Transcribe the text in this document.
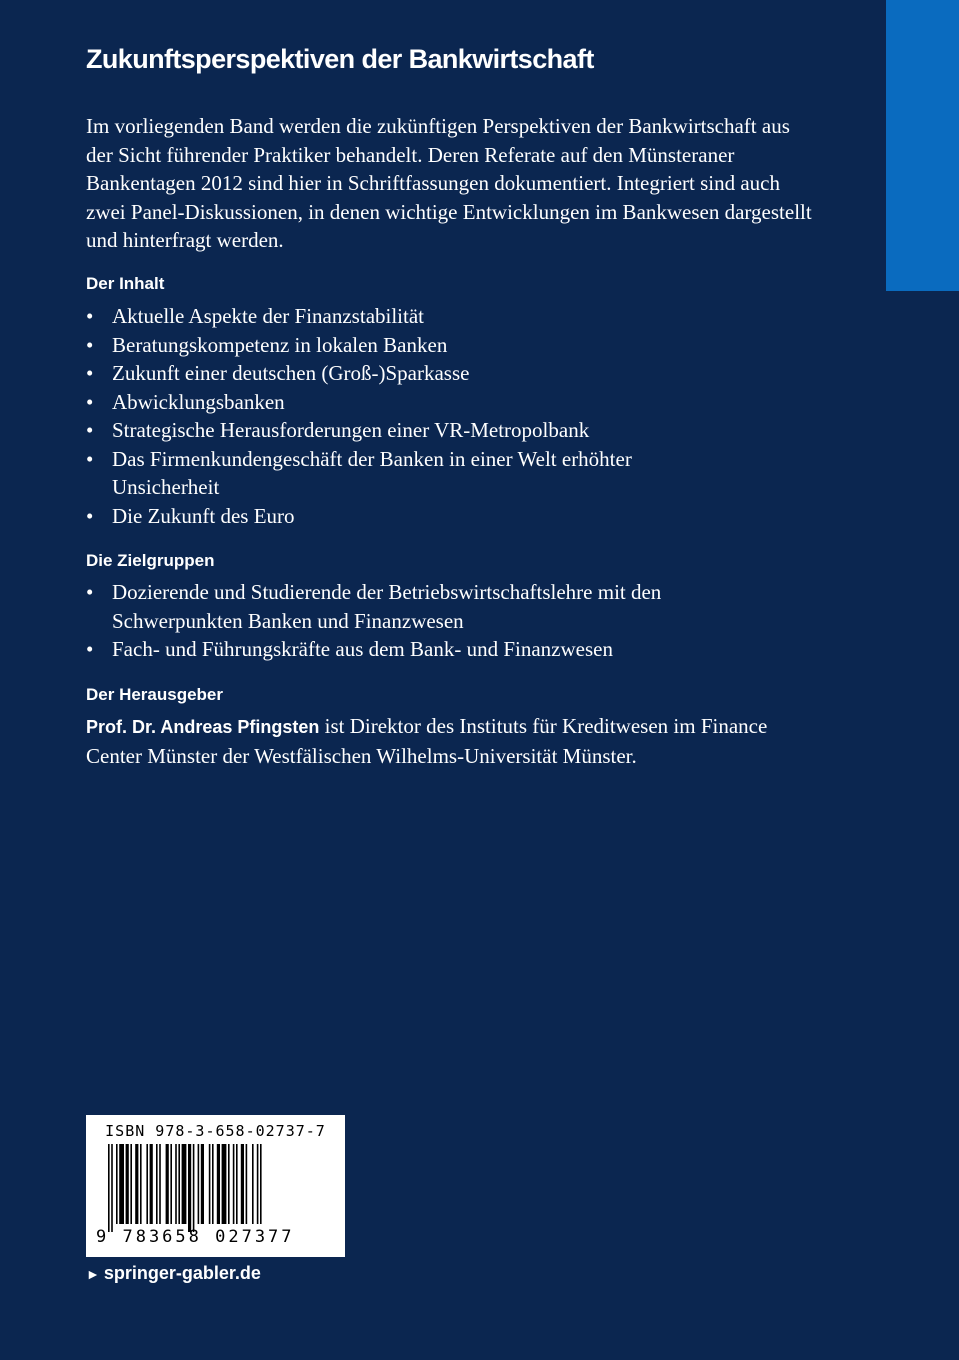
Zukunftsperspektiven der Bankwirtschaft

Im vorliegenden Band werden die zukünftigen Perspektiven der Bankwirtschaft aus der Sicht führender Praktiker behandelt. Deren Referate auf den Münsteraner Bankentagen 2012 sind hier in Schriftfassungen dokumentiert. Integriert sind auch zwei Panel-Diskussionen, in denen wichtige Entwicklungen im Bankwesen dargestellt und hinterfragt werden.

Der Inhalt
• Aktuelle Aspekte der Finanzstabilität
• Beratungskompetenz in lokalen Banken
• Zukunft einer deutschen (Groß-)Sparkasse
• Abwicklungsbanken
• Strategische Herausforderungen einer VR-Metropolbank
• Das Firmenkundengeschäft der Banken in einer Welt erhöhter Unsicherheit
• Die Zukunft des Euro
Die Zielgruppen
• Dozierende und Studierende der Betriebswirtschaftslehre mit den Schwerpunkten Banken und Finanzwesen
• Fach- und Führungskräfte aus dem Bank- und Finanzwesen
Der Herausgeber

Prof. Dr. Andreas Pfingsten ist Direktor des Instituts für Kreditwesen im Finance Center Münster der Westfälischen Wilhelms-Universität Münster.

ISBN 978-3-658-02737-7
9 783658 027377

► springer-gabler.de
